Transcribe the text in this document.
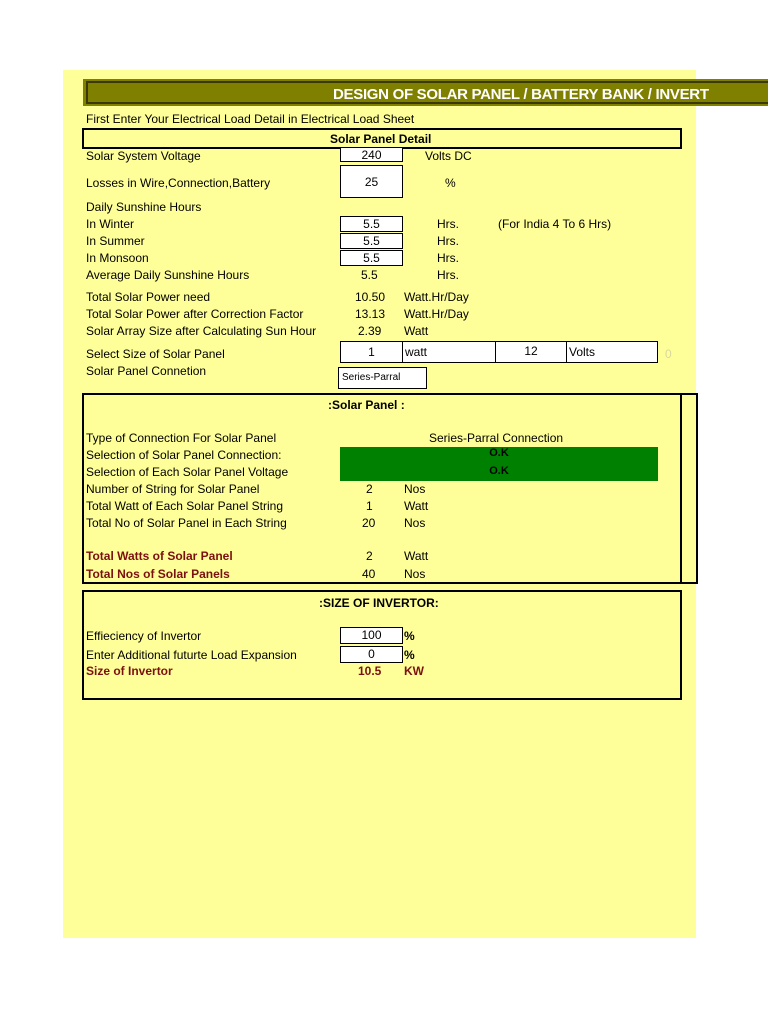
DESIGN OF SOLAR PANEL / BATTERY BANK / INVERT
First Enter Your Electrical Load Detail in Electrical Load Sheet
Solar Panel Detail
Solar System Voltage	240	Volts DC
Losses in Wire,Connection,Battery	25	%
Daily Sunshine Hours
In Winter	5.5	Hrs.	(For India 4 To 6 Hrs)
In Summer	5.5	Hrs.
In Monsoon	5.5	Hrs.
Average Daily Sunshine Hours	5.5	Hrs.
Total Solar Power need	10.50 Watt.Hr/Day
Total Solar Power after Correction Factor	13.13 Watt.Hr/Day
Solar Array Size after Calculating Sun Hour	2.39 Watt
Select Size of Solar Panel	1	watt	12	Volts	0
Solar Panel Connetion	Series-Parral
:Solar Panel :
Type of Connection For Solar Panel	Series-Parral Connection
Selection of Solar Panel Connection:	O.K
Selection of Each Solar Panel Voltage	O.K
Number of String for Solar Panel	2	Nos
Total Watt of Each Solar Panel String	1	Watt
Total No of Solar Panel in Each String	20 Nos
Total Watts of Solar Panel	2	Watt
Total Nos of Solar Panels	40 Nos
:SIZE OF INVERTOR:
Effieciency of Invertor	100	%
Enter Additional futurte Load Expansion	0	%
Size of Invertor	10.5 KW
